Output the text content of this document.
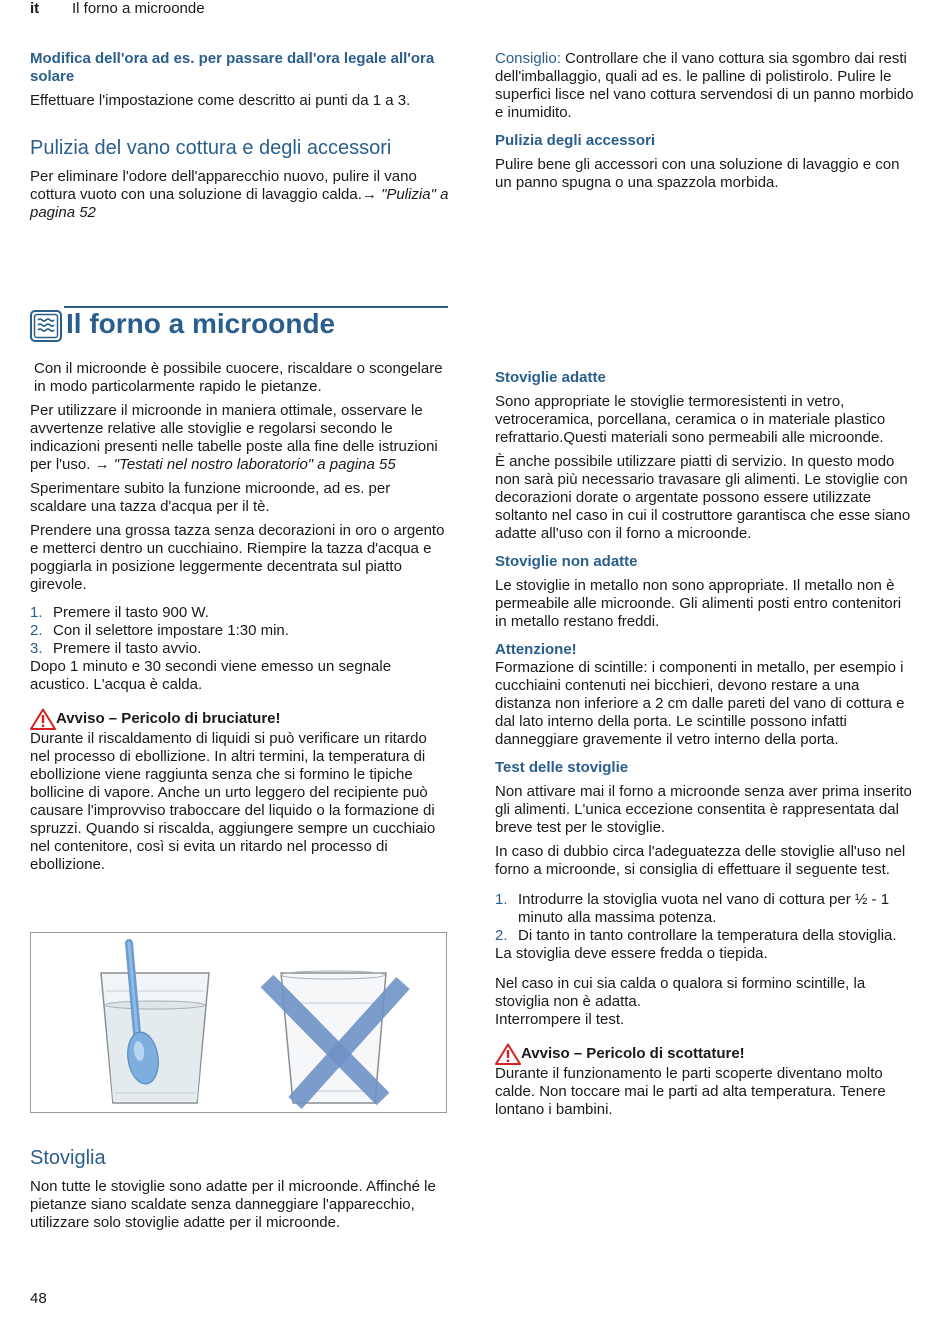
it Il forno a microonde

Modifica dell'ora ad es. per passare dall'ora legale all'ora solare

Effettuare l'impostazione come descritto ai punti da 1 a 3.

Pulizia del vano cottura e degli accessori

Per eliminare l'odore dell'apparecchio nuovo, pulire il vano cottura vuoto con una soluzione di lavaggio calda.→ "Pulizia" a pagina 52

Consiglio: Controllare che il vano cottura sia sgombro dai resti dell'imballaggio, quali ad es. le palline di polistirolo. Pulire le superfici lisce nel vano cottura servendosi di un panno morbido e inumidito.

Pulizia degli accessori

Pulire bene gli accessori con una soluzione di lavaggio e con un panno spugna o una spazzola morbida.

Il forno a microonde

Con il microonde è possibile cuocere, riscaldare o scongelare in modo particolarmente rapido le pietanze.

Per utilizzare il microonde in maniera ottimale, osservare le avvertenze relative alle stoviglie e regolarsi secondo le indicazioni presenti nelle tabelle poste alla fine delle istruzioni per l'uso. → "Testati nel nostro laboratorio" a pagina 55

Sperimentare subito la funzione microonde, ad es. per scaldare una tazza d'acqua per il tè.

Prendere una grossa tazza senza decorazioni in oro o argento e metterci dentro un cucchiaino. Riempire la tazza d'acqua e poggiarla in posizione leggermente decentrata sul piatto girevole.

1. Premere il tasto 900 W.
2. Con il selettore impostare 1:30 min.
3. Premere il tasto avvio.

Dopo 1 minuto e 30 secondi viene emesso un segnale acustico. L'acqua è calda.

Avviso – Pericolo di bruciature!

Durante il riscaldamento di liquidi si può verificare un ritardo nel processo di ebollizione. In altri termini, la temperatura di ebollizione viene raggiunta senza che si formino le tipiche bollicine di vapore. Anche un urto leggero del recipiente può causare l'improvviso traboccare del liquido o la formazione di spruzzi. Quando si riscalda, aggiungere sempre un cucchiaio nel contenitore, così si evita un ritardo nel processo di ebollizione.

Stoviglia

Non tutte le stoviglie sono adatte per il microonde. Affinché le pietanze siano scaldate senza danneggiare l'apparecchio, utilizzare solo stoviglie adatte per il microonde.

Stoviglie adatte

Sono appropriate le stoviglie termoresistenti in vetro, vetroceramica, porcellana, ceramica o in materiale plastico refrattario.Questi materiali sono permeabili alle microonde.

È anche possibile utilizzare piatti di servizio. In questo modo non sarà più necessario travasare gli alimenti. Le stoviglie con decorazioni dorate o argentate possono essere utilizzate soltanto nel caso in cui il costruttore garantisca che esse siano adatte all'uso con il forno a microonde.

Stoviglie non adatte

Le stoviglie in metallo non sono appropriate. Il metallo non è permeabile alle microonde. Gli alimenti posti entro contenitori in metallo restano freddi.

Attenzione!

Formazione di scintille: i componenti in metallo, per esempio i cucchiaini contenuti nei bicchieri, devono restare a una distanza non inferiore a 2 cm dalle pareti del vano di cottura e dal lato interno della porta. Le scintille possono infatti danneggiare gravemente il vetro interno della porta.

Test delle stoviglie

Non attivare mai il forno a microonde senza aver prima inserito gli alimenti. L'unica eccezione consentita è rappresentata dal breve test per le stoviglie.

In caso di dubbio circa l'adeguatezza delle stoviglie all'uso nel forno a microonde, si consiglia di effettuare il seguente test.

1. Introdurre la stoviglia vuota nel vano di cottura per ½ - 1 minuto alla massima potenza.
2. Di tanto in tanto controllare la temperatura della stoviglia.

La stoviglia deve essere fredda o tiepida.

Nel caso in cui sia calda o qualora si formino scintille, la stoviglia non è adatta.

Interrompere il test.

Avviso – Pericolo di scottature!

Durante il funzionamento le parti scoperte diventano molto calde. Non toccare mai le parti ad alta temperatura. Tenere lontano i bambini.

48
